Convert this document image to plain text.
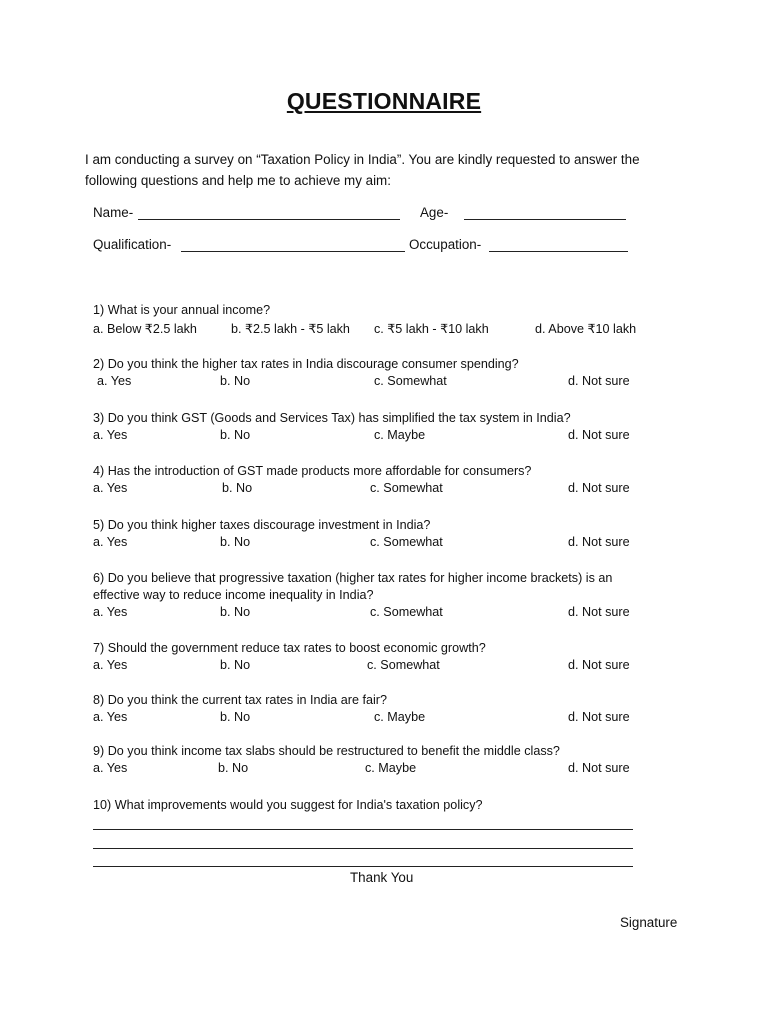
QUESTIONNAIRE
I am conducting a survey on “Taxation Policy in India”. You are kindly requested to answer the following questions and help me to achieve my aim:
Name-	Age-
Qualification-	Occupation-
1) What is your annual income?
a. Below ₹2.5 lakh	b. ₹2.5 lakh - ₹5 lakh c. ₹5 lakh - ₹10 lakh	d. Above ₹10 lakh
2) Do you think the higher tax rates in India discourage consumer spending?
a. Yes	b. No	c. Somewhat	d. Not sure
3) Do you think GST (Goods and Services Tax) has simplified the tax system in India?
a. Yes	b. No	c. Maybe	d. Not sure
4) Has the introduction of GST made products more affordable for consumers?
a. Yes	b. No	c. Somewhat	d. Not sure
5) Do you think higher taxes discourage investment in India?
a. Yes	b. No	c. Somewhat	d. Not sure
6) Do you believe that progressive taxation (higher tax rates for higher income brackets) is an effective way to reduce income inequality in India?
a. Yes	b. No	c. Somewhat	d. Not sure
7) Should the government reduce tax rates to boost economic growth?
a. Yes	b. No	c. Somewhat	d. Not sure
8) Do you think the current tax rates in India are fair?
a. Yes	b. No	c. Maybe	d. Not sure
9) Do you think income tax slabs should be restructured to benefit the middle class?
a. Yes	b. No	c. Maybe	d. Not sure
10) What improvements would you suggest for India's taxation policy?
Thank You
Signature
